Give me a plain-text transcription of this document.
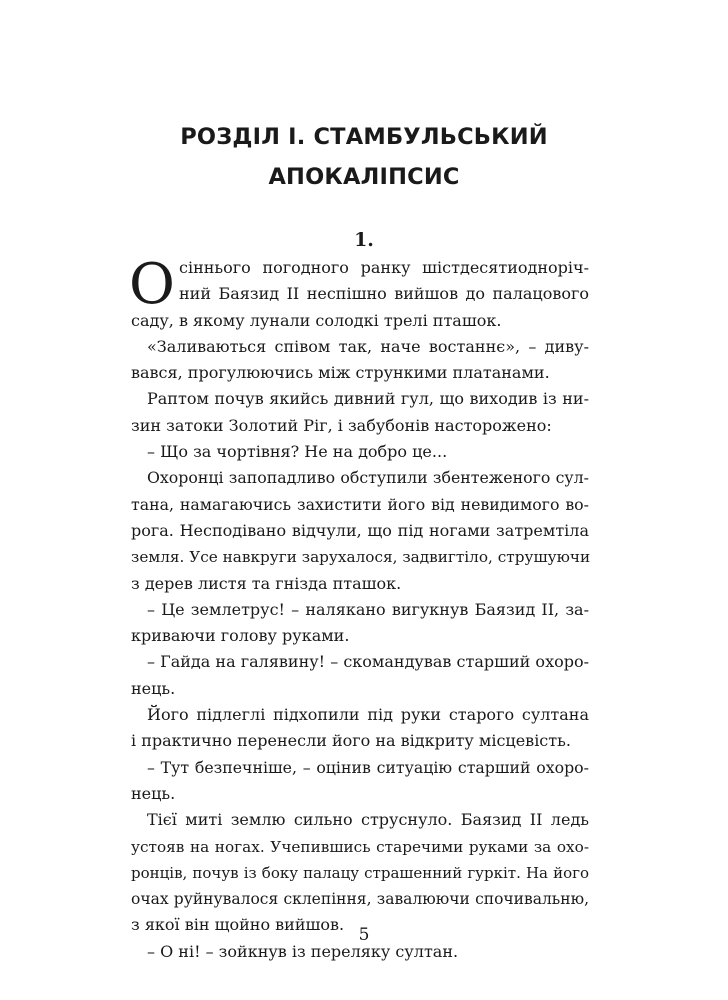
РОЗДІЛ І. СТАМБУЛЬСЬКИЙ
АПОКАЛІПСИС
1.
О сіннього погодного ранку шістдесятиодноріч-
ний Баязид ІІ неспішно вийшов до палацового
саду, в якому лунали солодкі трелі пташок.
«Заливаються співом так, наче востаннє», – диву-
вався, прогулюючись між стрункими платанами.
Раптом почув якийсь дивний гул, що виходив із ни-
зин затоки Золотий Ріг, і забубонів насторожено:
– Що за чортівня? Не на добро це...
Охоронці запопадливо обступили збентеженого сул-
тана, намагаючись захистити його від невидимого во-
рога. Несподівано відчули, що під ногами затремтіла
земля. Усе навкруги зарухалося, задвигтіло, струшуючи
з дерев листя та гнізда пташок.
– Це землетрус! – налякано вигукнув Баязид ІІ, за-
криваючи голову руками.
– Гайда на галявину! – скомандував старший охоро-
нець.
Його підлеглі підхопили під руки старого султана
і практично перенесли його на відкриту місцевість.
– Тут безпечніше, – оцінив ситуацію старший охоро-
нець.
Тієї миті землю сильно струснуло. Баязид ІІ ледь
устояв на ногах. Учепившись старечими руками за охо-
ронців, почув із боку палацу страшенний гуркіт. На його
очах руйнувалося склепіння, завалюючи спочивальню,
з якої він щойно вийшов.
– О ні! – зойкнув із переляку султан.
5
